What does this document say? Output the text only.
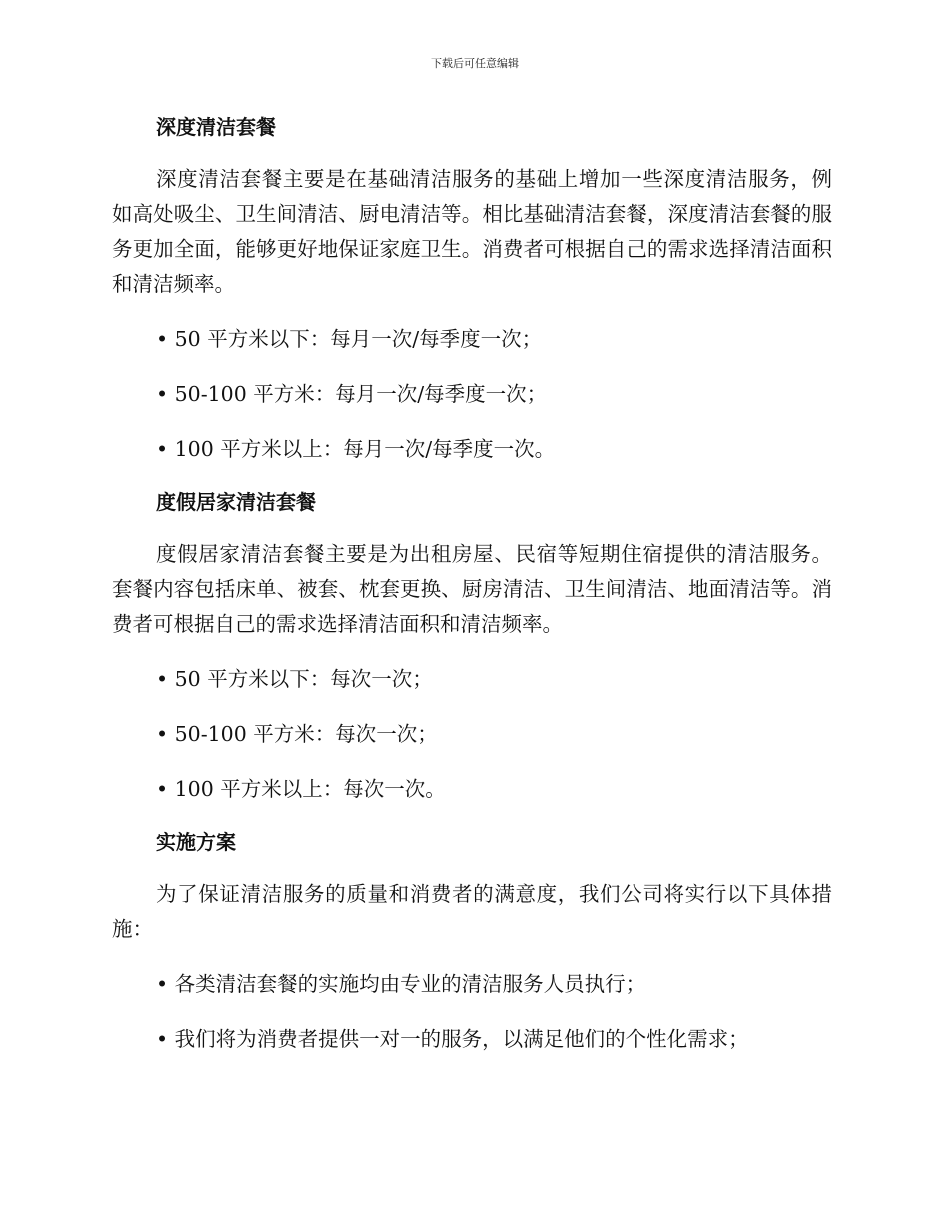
下载后可任意编辑
深度清洁套餐

深度清洁套餐主要是在基础清洁服务的基础上增加一些深度清洁服务，例如高处吸尘、卫生间清洁、厨电清洁等。相比基础清洁套餐，深度清洁套餐的服务更加全面，能够更好地保证家庭卫生。消费者可根据自己的需求选择清洁面积和清洁频率。

• 50 平方米以下：每月一次/每季度一次；

• 50-100 平方米：每月一次/每季度一次；

• 100 平方米以上：每月一次/每季度一次。

度假居家清洁套餐

度假居家清洁套餐主要是为出租房屋、民宿等短期住宿提供的清洁服务。套餐内容包括床单、被套、枕套更换、厨房清洁、卫生间清洁、地面清洁等。消费者可根据自己的需求选择清洁面积和清洁频率。

• 50 平方米以下：每次一次；

• 50-100 平方米：每次一次；

• 100 平方米以上：每次一次。

实施方案

为了保证清洁服务的质量和消费者的满意度，我们公司将实行以下具体措施：

• 各类清洁套餐的实施均由专业的清洁服务人员执行；

• 我们将为消费者提供一对一的服务，以满足他们的个性化需求；
